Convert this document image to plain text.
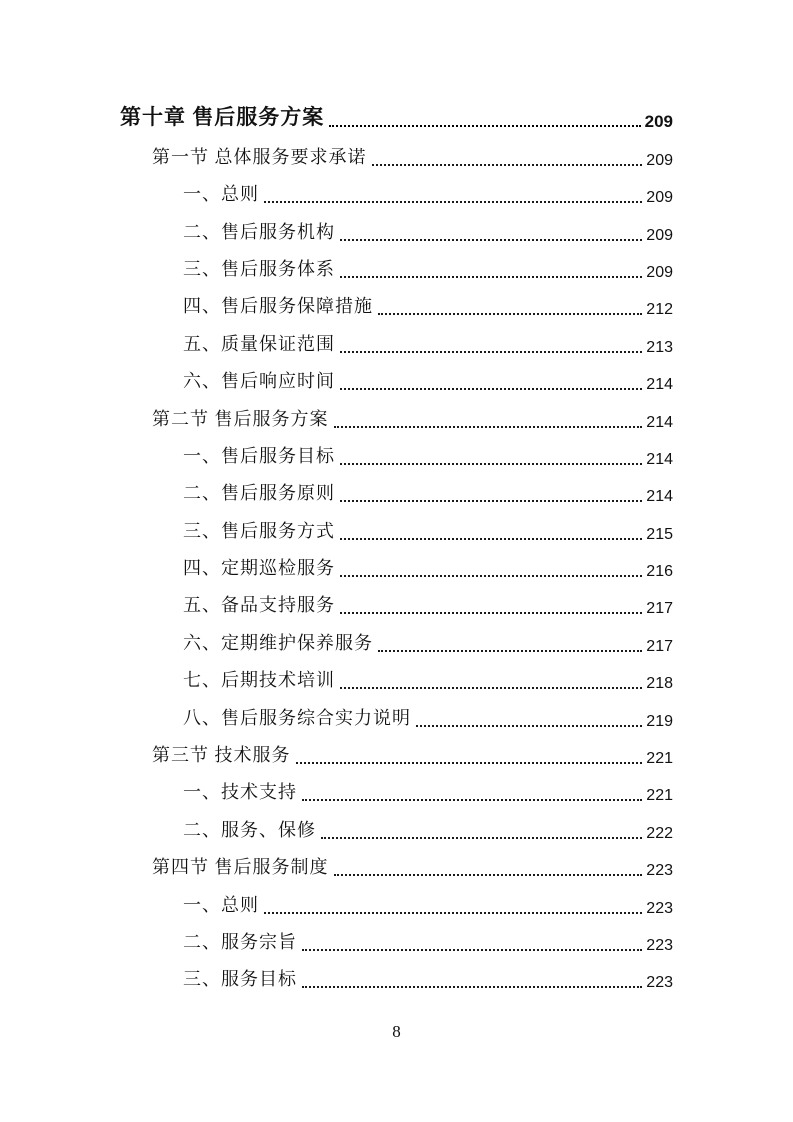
第十章 售后服务方案	209
第一节 总体服务要求承诺	209
一、总则	209
二、售后服务机构	209
三、售后服务体系	209
四、售后服务保障措施	212
五、质量保证范围	213
六、售后响应时间	214
第二节 售后服务方案	214
一、售后服务目标	214
二、售后服务原则	214
三、售后服务方式	215
四、定期巡检服务	216
五、备品支持服务	217
六、定期维护保养服务	217
七、后期技术培训	218
八、售后服务综合实力说明	219
第三节 技术服务	221
一、技术支持	221
二、服务、保修	222
第四节 售后服务制度	223
一、总则	223
二、服务宗旨	223
三、服务目标	223
8
